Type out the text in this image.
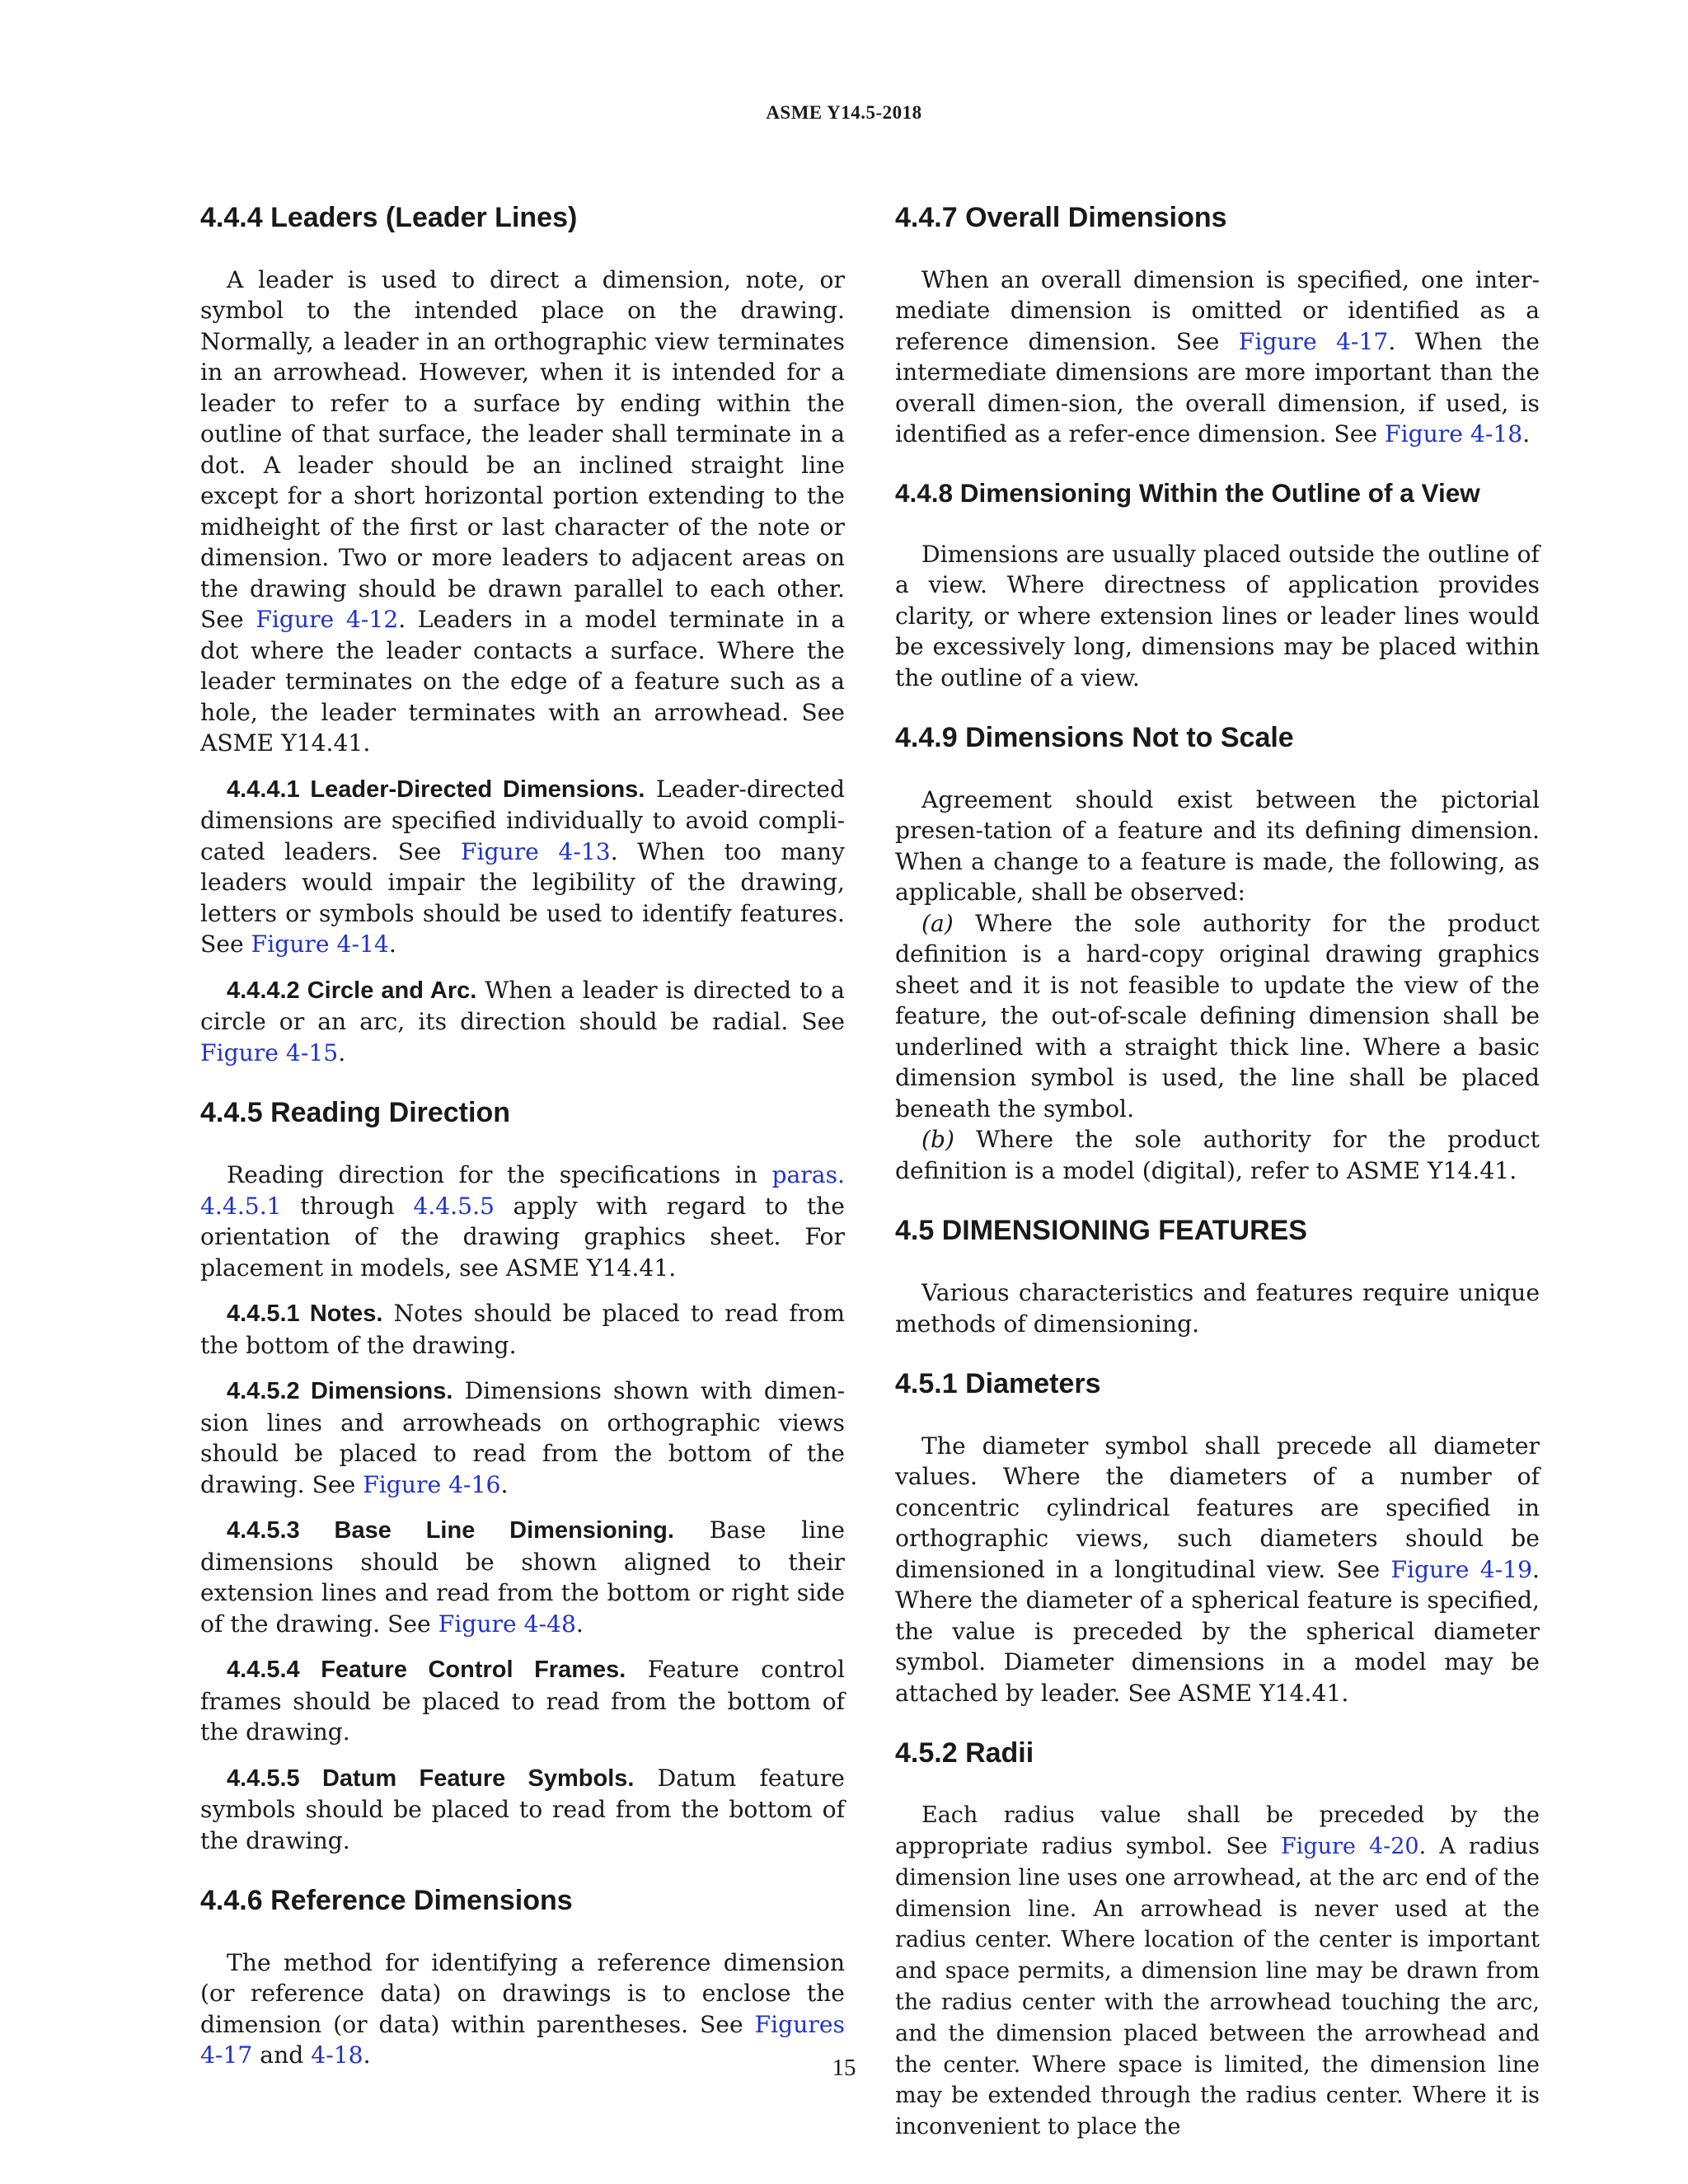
ASME Y14.5-2018
4.4.4 Leaders (Leader Lines)

A leader is used to direct a dimension, note, or symbol to the intended place on the drawing. Normally, a leader in an orthographic view terminates in an arrowhead. However, when it is intended for a leader to refer to a surface by ending within the outline of that surface, the leader shall terminate in a dot. A leader should be an inclined straight line except for a short horizontal portion extending to the midheight of the first or last character of the note or dimension. Two or more leaders to adjacent areas on the drawing should be drawn parallel to each other. See Figure 4-12. Leaders in a model terminate in a dot where the leader contacts a surface. Where the leader terminates on the edge of a feature such as a hole, the leader terminates with an arrowhead. See ASME Y14.41.

4.4.4.1 Leader-Directed Dimensions. Leader-directed dimensions are specified individually to avoid compli-cated leaders. See Figure 4-13. When too many leaders would impair the legibility of the drawing, letters or symbols should be used to identify features. See Figure 4-14.

4.4.4.2 Circle and Arc. When a leader is directed to a circle or an arc, its direction should be radial. See Figure 4-15.

4.4.5 Reading Direction

Reading direction for the specifications in paras. 4.4.5.1 through 4.4.5.5 apply with regard to the orientation of the drawing graphics sheet. For placement in models, see ASME Y14.41.

4.4.5.1 Notes. Notes should be placed to read from the bottom of the drawing.

4.4.5.2 Dimensions. Dimensions shown with dimen-sion lines and arrowheads on orthographic views should be placed to read from the bottom of the drawing. See Figure 4-16.

4.4.5.3 Base Line Dimensioning. Base line dimensions should be shown aligned to their extension lines and read from the bottom or right side of the drawing. See Figure 4-48.

4.4.5.4 Feature Control Frames. Feature control frames should be placed to read from the bottom of the drawing.

4.4.5.5 Datum Feature Symbols. Datum feature symbols should be placed to read from the bottom of the drawing.

4.4.6 Reference Dimensions

The method for identifying a reference dimension (or reference data) on drawings is to enclose the dimension (or data) within parentheses. See Figures 4-17 and 4-18.

4.4.7 Overall Dimensions

When an overall dimension is specified, one inter-mediate dimension is omitted or identified as a reference dimension. See Figure 4-17. When the intermediate dimensions are more important than the overall dimen-sion, the overall dimension, if used, is identified as a refer-ence dimension. See Figure 4-18.

4.4.8 Dimensioning Within the Outline of a View

Dimensions are usually placed outside the outline of a view. Where directness of application provides clarity, or where extension lines or leader lines would be excessively long, dimensions may be placed within the outline of a view.

4.4.9 Dimensions Not to Scale

Agreement should exist between the pictorial presen-tation of a feature and its defining dimension. When a change to a feature is made, the following, as applicable, shall be observed:

(a) Where the sole authority for the product definition is a hard-copy original drawing graphics sheet and it is not feasible to update the view of the feature, the out-of-scale defining dimension shall be underlined with a straight thick line. Where a basic dimension symbol is used, the line shall be placed beneath the symbol.

(b) Where the sole authority for the product definition is a model (digital), refer to ASME Y14.41.

4.5 DIMENSIONING FEATURES

Various characteristics and features require unique methods of dimensioning.

4.5.1 Diameters

The diameter symbol shall precede all diameter values. Where the diameters of a number of concentric cylindrical features are specified in orthographic views, such diameters should be dimensioned in a longitudinal view. See Figure 4-19. Where the diameter of a spherical feature is specified, the value is preceded by the spherical diameter symbol. Diameter dimensions in a model may be attached by leader. See ASME Y14.41.

4.5.2 Radii

Each radius value shall be preceded by the appropriate radius symbol. See Figure 4-20. A radius dimension line uses one arrowhead, at the arc end of the dimension line. An arrowhead is never used at the radius center. Where location of the center is important and space permits, a dimension line may be drawn from the radius center with the arrowhead touching the arc, and the dimension placed between the arrowhead and the center. Where space is limited, the dimension line may be extended through the radius center. Where it is inconvenient to place the

15
